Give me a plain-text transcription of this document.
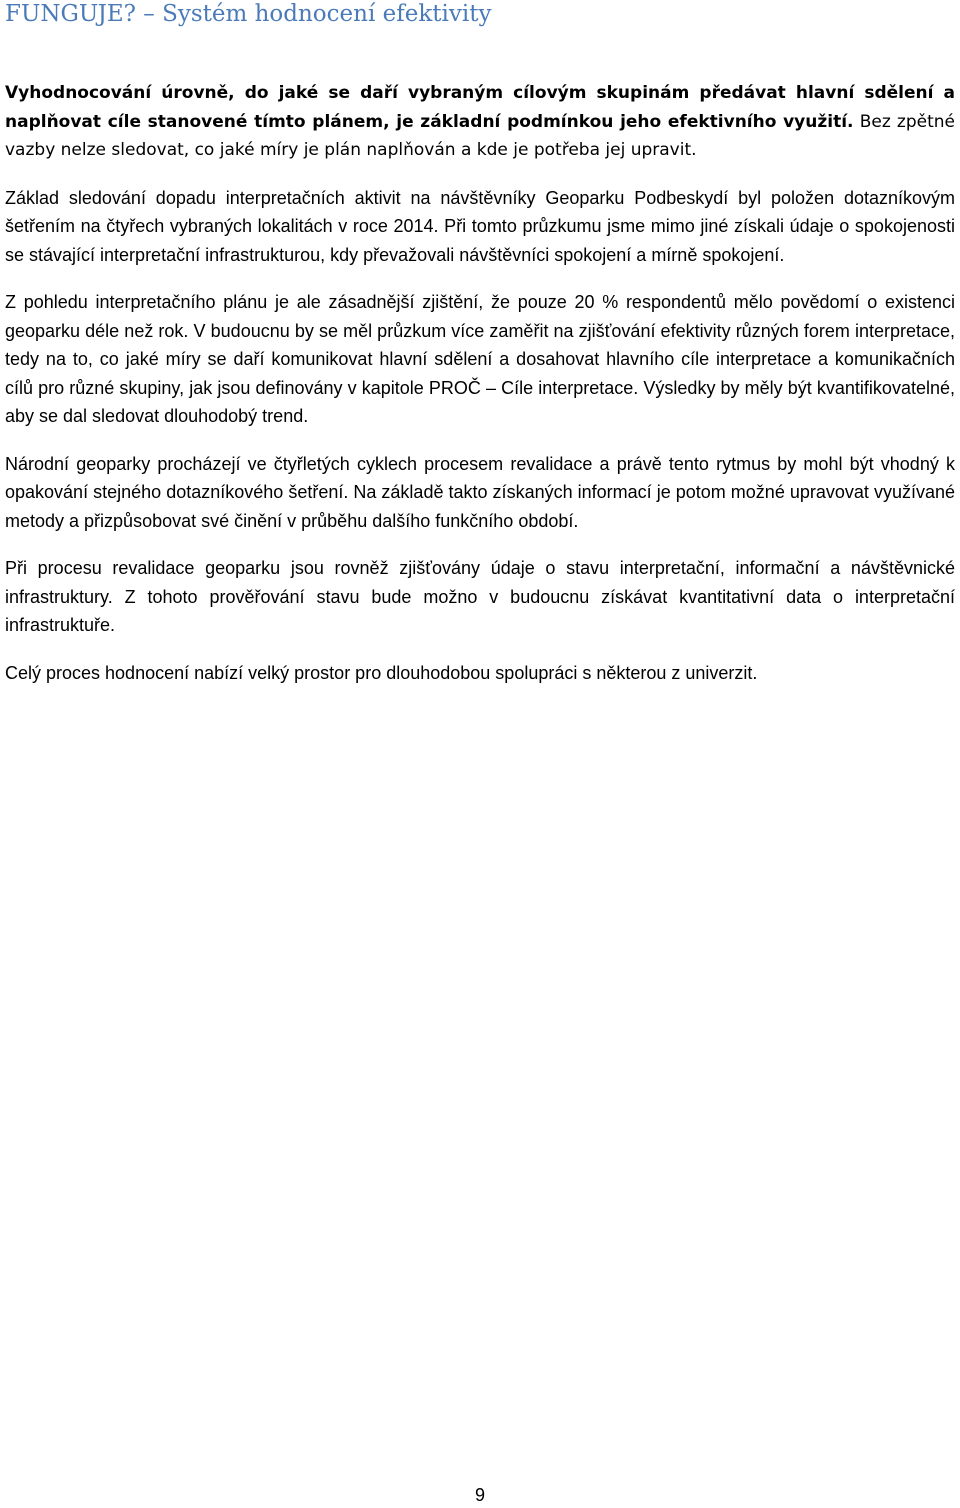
FUNGUJE? – Systém hodnocení efektivity

Vyhodnocování úrovně, do jaké se daří vybraným cílovým skupinám předávat hlavní sdělení a naplňovat cíle stanovené tímto plánem, je základní podmínkou jeho efektivního využití. Bez zpětné vazby nelze sledovat, co jaké míry je plán naplňován a kde je potřeba jej upravit.

Základ sledování dopadu interpretačních aktivit na návštěvníky Geoparku Podbeskydí byl položen dotazníkovým šetřením na čtyřech vybraných lokalitách v roce 2014. Při tomto průzkumu jsme mimo jiné získali údaje o spokojenosti se stávající interpretační infrastrukturou, kdy převažovali návštěvníci spokojení a mírně spokojení.

Z pohledu interpretačního plánu je ale zásadnější zjištění, že pouze 20 % respondentů mělo povědomí o existenci geoparku déle než rok. V budoucnu by se měl průzkum více zaměřit na zjišťování efektivity různých forem interpretace, tedy na to, co jaké míry se daří komunikovat hlavní sdělení a dosahovat hlavního cíle interpretace a komunikačních cílů pro různé skupiny, jak jsou definovány v kapitole PROČ – Cíle interpretace. Výsledky by měly být kvantifikovatelné, aby se dal sledovat dlouhodobý trend.

Národní geoparky procházejí ve čtyřletých cyklech procesem revalidace a právě tento rytmus by mohl být vhodný k opakování stejného dotazníkového šetření. Na základě takto získaných informací je potom možné upravovat využívané metody a přizpůsobovat své činění v průběhu dalšího funkčního období.

Při procesu revalidace geoparku jsou rovněž zjišťovány údaje o stavu interpretační, informační a návštěvnické infrastruktury. Z tohoto prověřování stavu bude možno v budoucnu získávat kvantitativní data o interpretační infrastruktuře.

Celý proces hodnocení nabízí velký prostor pro dlouhodobou spolupráci s některou z univerzit.

9
